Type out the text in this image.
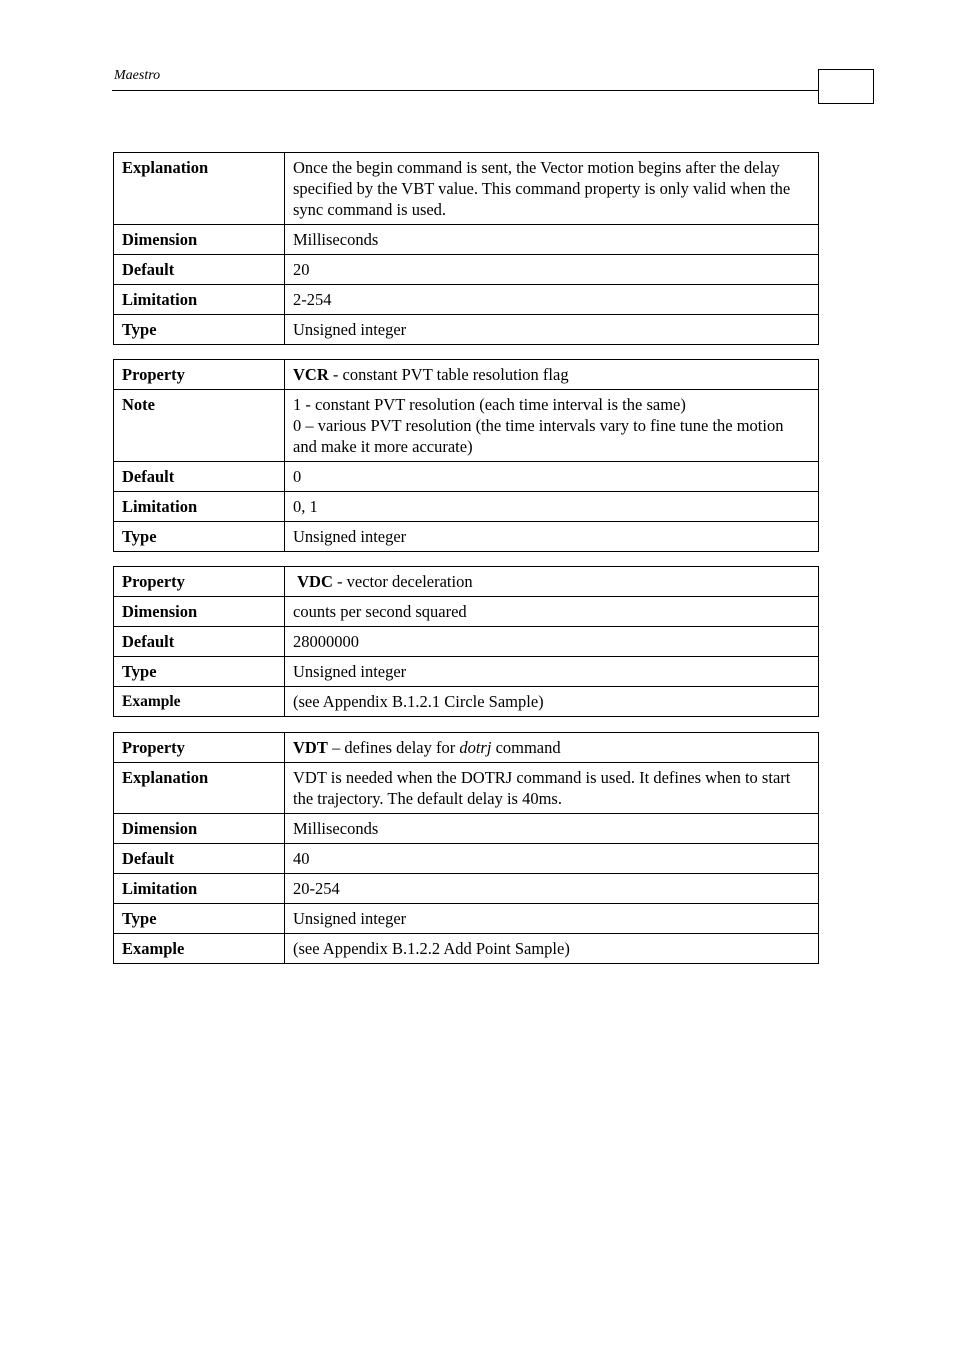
Maestro
Explanation	Once the begin command is sent, the Vector motion begins after the delay specified by the VBT value. This command property is only valid when the sync command is used.
Dimension	Milliseconds
Default	20
Limitation	2-254
Type	Unsigned integer
Property	VCR - constant PVT table resolution flag
Note	1 - constant PVT resolution (each time interval is the same)
0 – various PVT resolution (the time intervals vary to fine tune the motion and make it more accurate)

Default	0
Limitation	0, 1
Type	Unsigned integer
Property	VDC - vector deceleration
Dimension	counts per second squared
Default	28000000
Type	Unsigned integer
Example	(see Appendix B.1.2.1 Circle Sample)
Property	VDT – defines delay for dotrj command
Explanation	VDT is needed when the DOTRJ command is used. It defines when to start the trajectory. The default delay is 40ms.
Dimension	Milliseconds
Default	40
Limitation	20-254
Type	Unsigned integer
Example	(see Appendix B.1.2.2 Add Point Sample)
